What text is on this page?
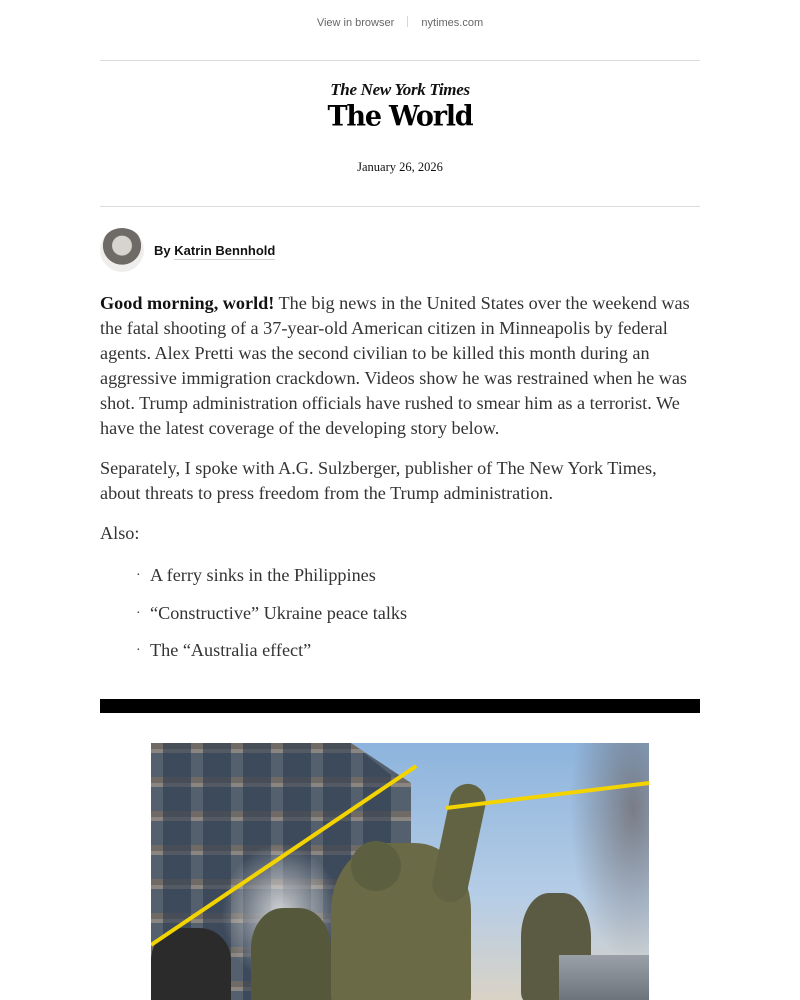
View in browser nytimes.com
The New York Times
The World
January 26, 2026
By Katrin Bennhold

Good morning, world! The big news in the United States over the weekend was the fatal shooting of a 37-year-old American citizen in Minneapolis by federal agents. Alex Pretti was the second civilian to be killed this month during an aggressive immigration crackdown. Videos show he was restrained when he was shot. Trump administration officials have rushed to smear him as a terrorist. We have the latest coverage of the developing story below.

Separately, I spoke with A.G. Sulzberger, publisher of The New York Times, about threats to press freedom from the Trump administration.

Also:

· A ferry sinks in the Philippines
· “Constructive” Ukraine peace talks
· The “Australia effect”
